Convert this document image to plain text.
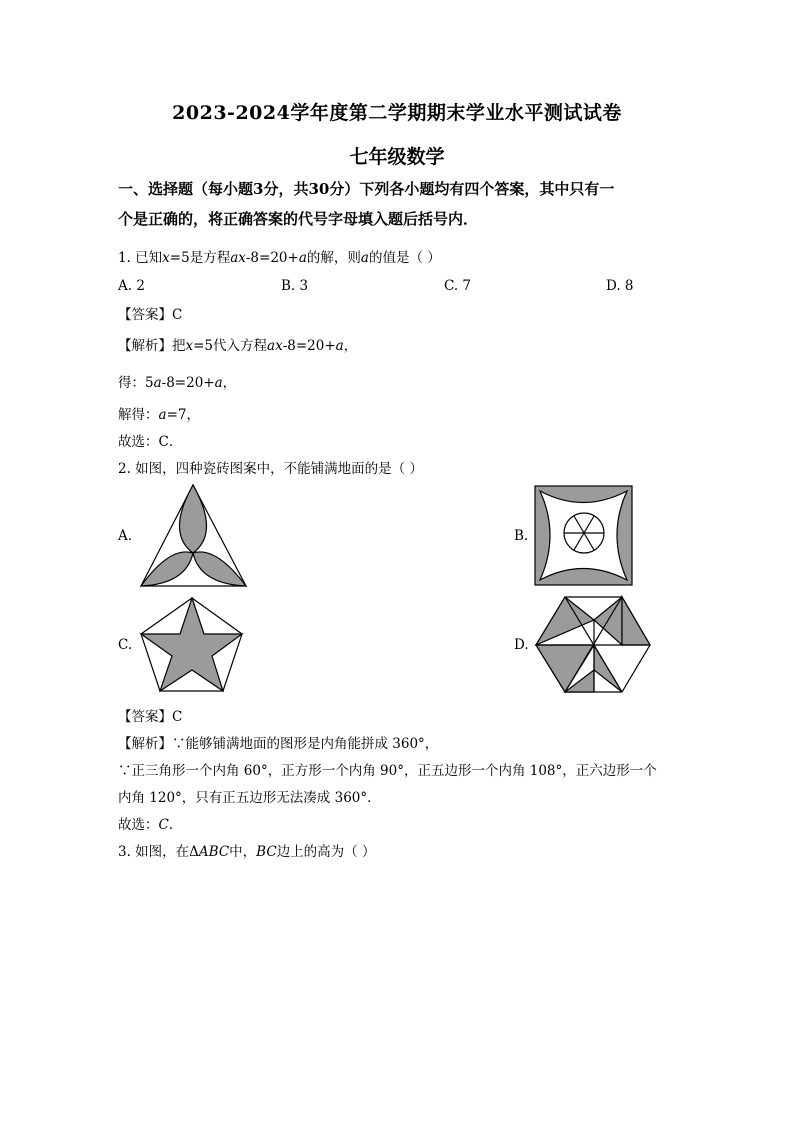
2023-2024学年度第二学期期末学业水平测试试卷
七年级数学
一、选择题（每小题3分，共30分）下列各小题均有四个答案，其中只有一
个是正确的，将正确答案的代号字母填入题后括号内．
1. 已知x=5是方程ax-8=20+a的解，则a的值是（ ）
A. 2	B. 3	C. 7	D. 8
【答案】C
【解析】把x=5代入方程ax-8=20+a，
得：5a-8=20+a，
解得：a=7，
故选：C．
2. 如图，四种瓷砖图案中，不能铺满地面的是（ ）
A.	B.
C.	D.
【答案】C
【解析】∵能够铺满地面的图形是内角能拼成 360°，
∵正三角形一个内角 60°，正方形一个内角 90°，正五边形一个内角 108°，正六边形一个
内角 120°，只有正五边形无法凑成 360°．
故选：C．
3. 如图，在ΔABC中，BC边上的高为（ ）
